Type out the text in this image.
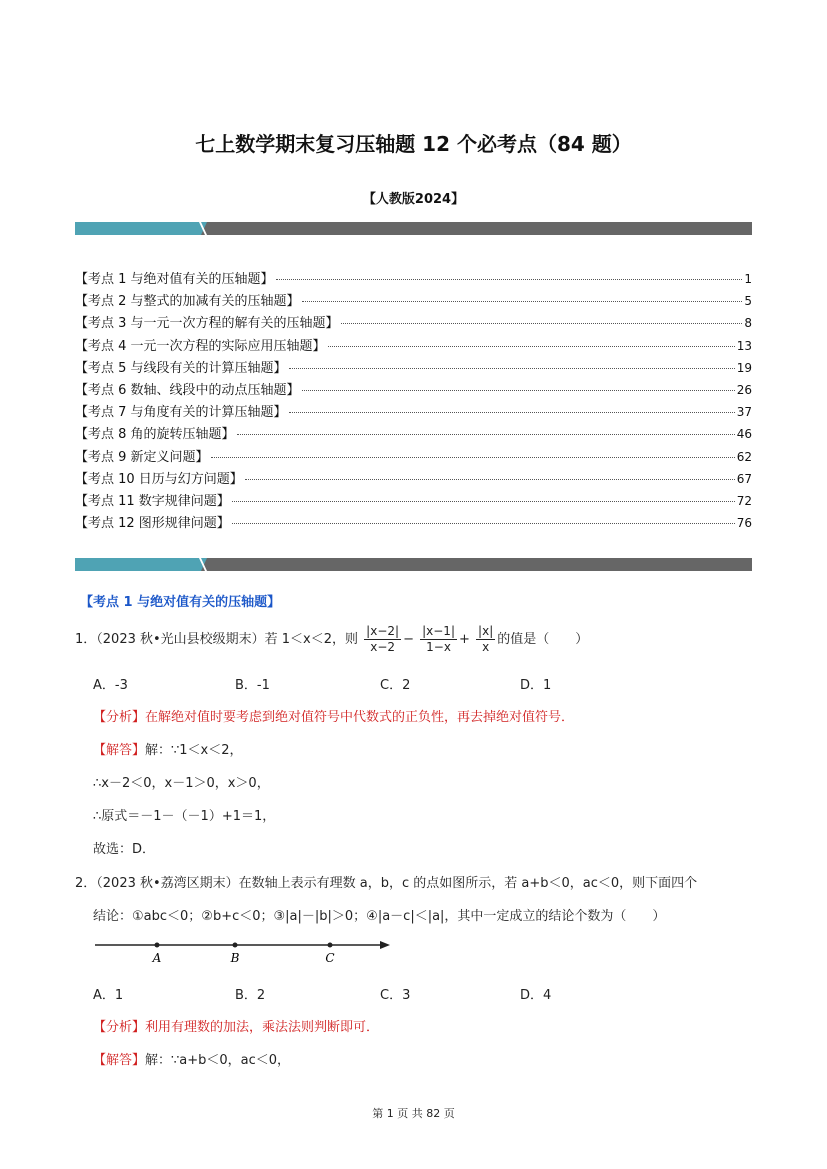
七上数学期末复习压轴题 12 个必考点（84 题）
【人教版2024】
【考点 1 与绝对值有关的压轴题】	1
【考点 2 与整式的加减有关的压轴题】	5
【考点 3 与一元一次方程的解有关的压轴题】	8
【考点 4 一元一次方程的实际应用压轴题】	13
【考点 5 与线段有关的计算压轴题】	19
【考点 6 数轴、线段中的动点压轴题】	26
【考点 7 与角度有关的计算压轴题】	37
【考点 8 角的旋转压轴题】	46
【考点 9 新定义问题】	62
【考点 10 日历与幻方问题】	67
【考点 11 数字规律问题】	72
【考点 12 图形规律问题】	76
【考点 1 与绝对值有关的压轴题】
1．（2023 秋•光山县校级期末）若 1＜x＜2，则 $\frac{|x-2|}{x-2} - \frac{|x-1|}{1-x} + \frac{|x|}{x}$ 的值是（　　）
A．-3	B．-1	C．2	D．1
【分析】在解绝对值时要考虑到绝对值符号中代数式的正负性，再去掉绝对值符号．
【解答】解：∵1＜x＜2，
∴x－2＜0，x－1＞0，x＞0，
∴原式＝－1－（－1）+1＝1，
故选：D．
2．（2023 秋•荔湾区期末）在数轴上表示有理数 a，b，c 的点如图所示，若 a+b＜0，ac＜0，则下面四个
结论：①abc＜0；②b+c＜0；③|a|－|b|＞0；④|a－c|＜|a|，其中一定成立的结论个数为（　　）
A	B	C
A．1	B．2	C．3	D．4
【分析】利用有理数的加法，乘法法则判断即可．
【解答】解：∵a+b＜0，ac＜0，
第 1 页 共 82 页
